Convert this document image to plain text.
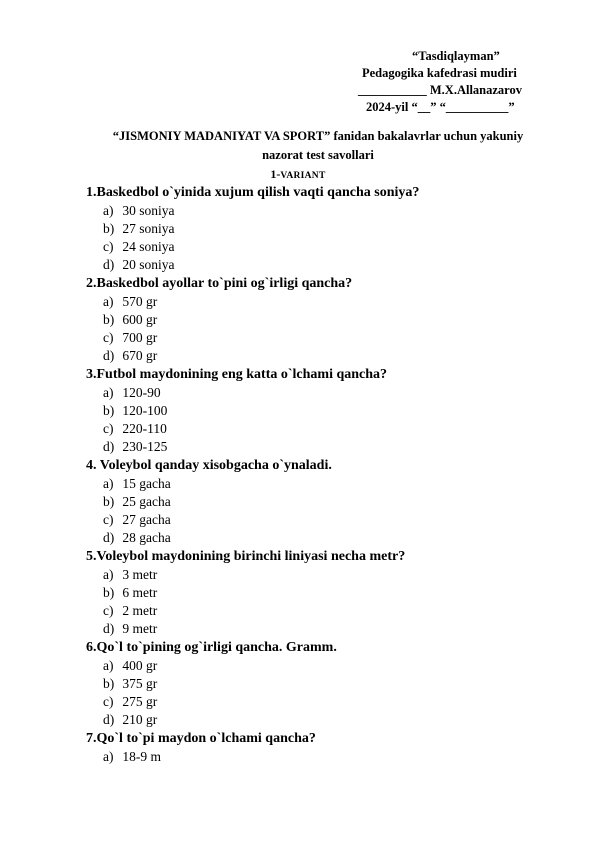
“Tasdiqlayman”
Pedagogika kafedrasi mudiri
___________ M.X.Allanazarov
2024-yil “__” “__________”
“JISMONIY MADANIYAT VA SPORT” fanidan bakalavrlar uchun yakuniy
nazorat test savollari
1-VARIANT
1.Baskedbol o`yinida xujum qilish vaqti qancha soniya?
a) 30 soniya
b) 27 soniya
c) 24 soniya
d) 20 soniya
2.Baskedbol ayollar to`pini og`irligi qancha?
a) 570 gr
b) 600 gr
c) 700 gr
d) 670 gr
3.Futbol maydonining eng katta o`lchami qancha?
a) 120-90
b) 120-100
c) 220-110
d) 230-125
4. Voleybol qanday xisobgacha o`ynaladi.
a) 15 gacha
b) 25 gacha
c) 27 gacha
d) 28 gacha
5.Voleybol maydonining birinchi liniyasi necha metr?
a) 3 metr
b) 6 metr
c) 2 metr
d) 9 metr
6.Qo`l to`pining og`irligi qancha. Gramm.
a) 400 gr
b) 375 gr
c) 275 gr
d) 210 gr
7.Qo`l to`pi maydon o`lchami qancha?
a) 18-9 m
